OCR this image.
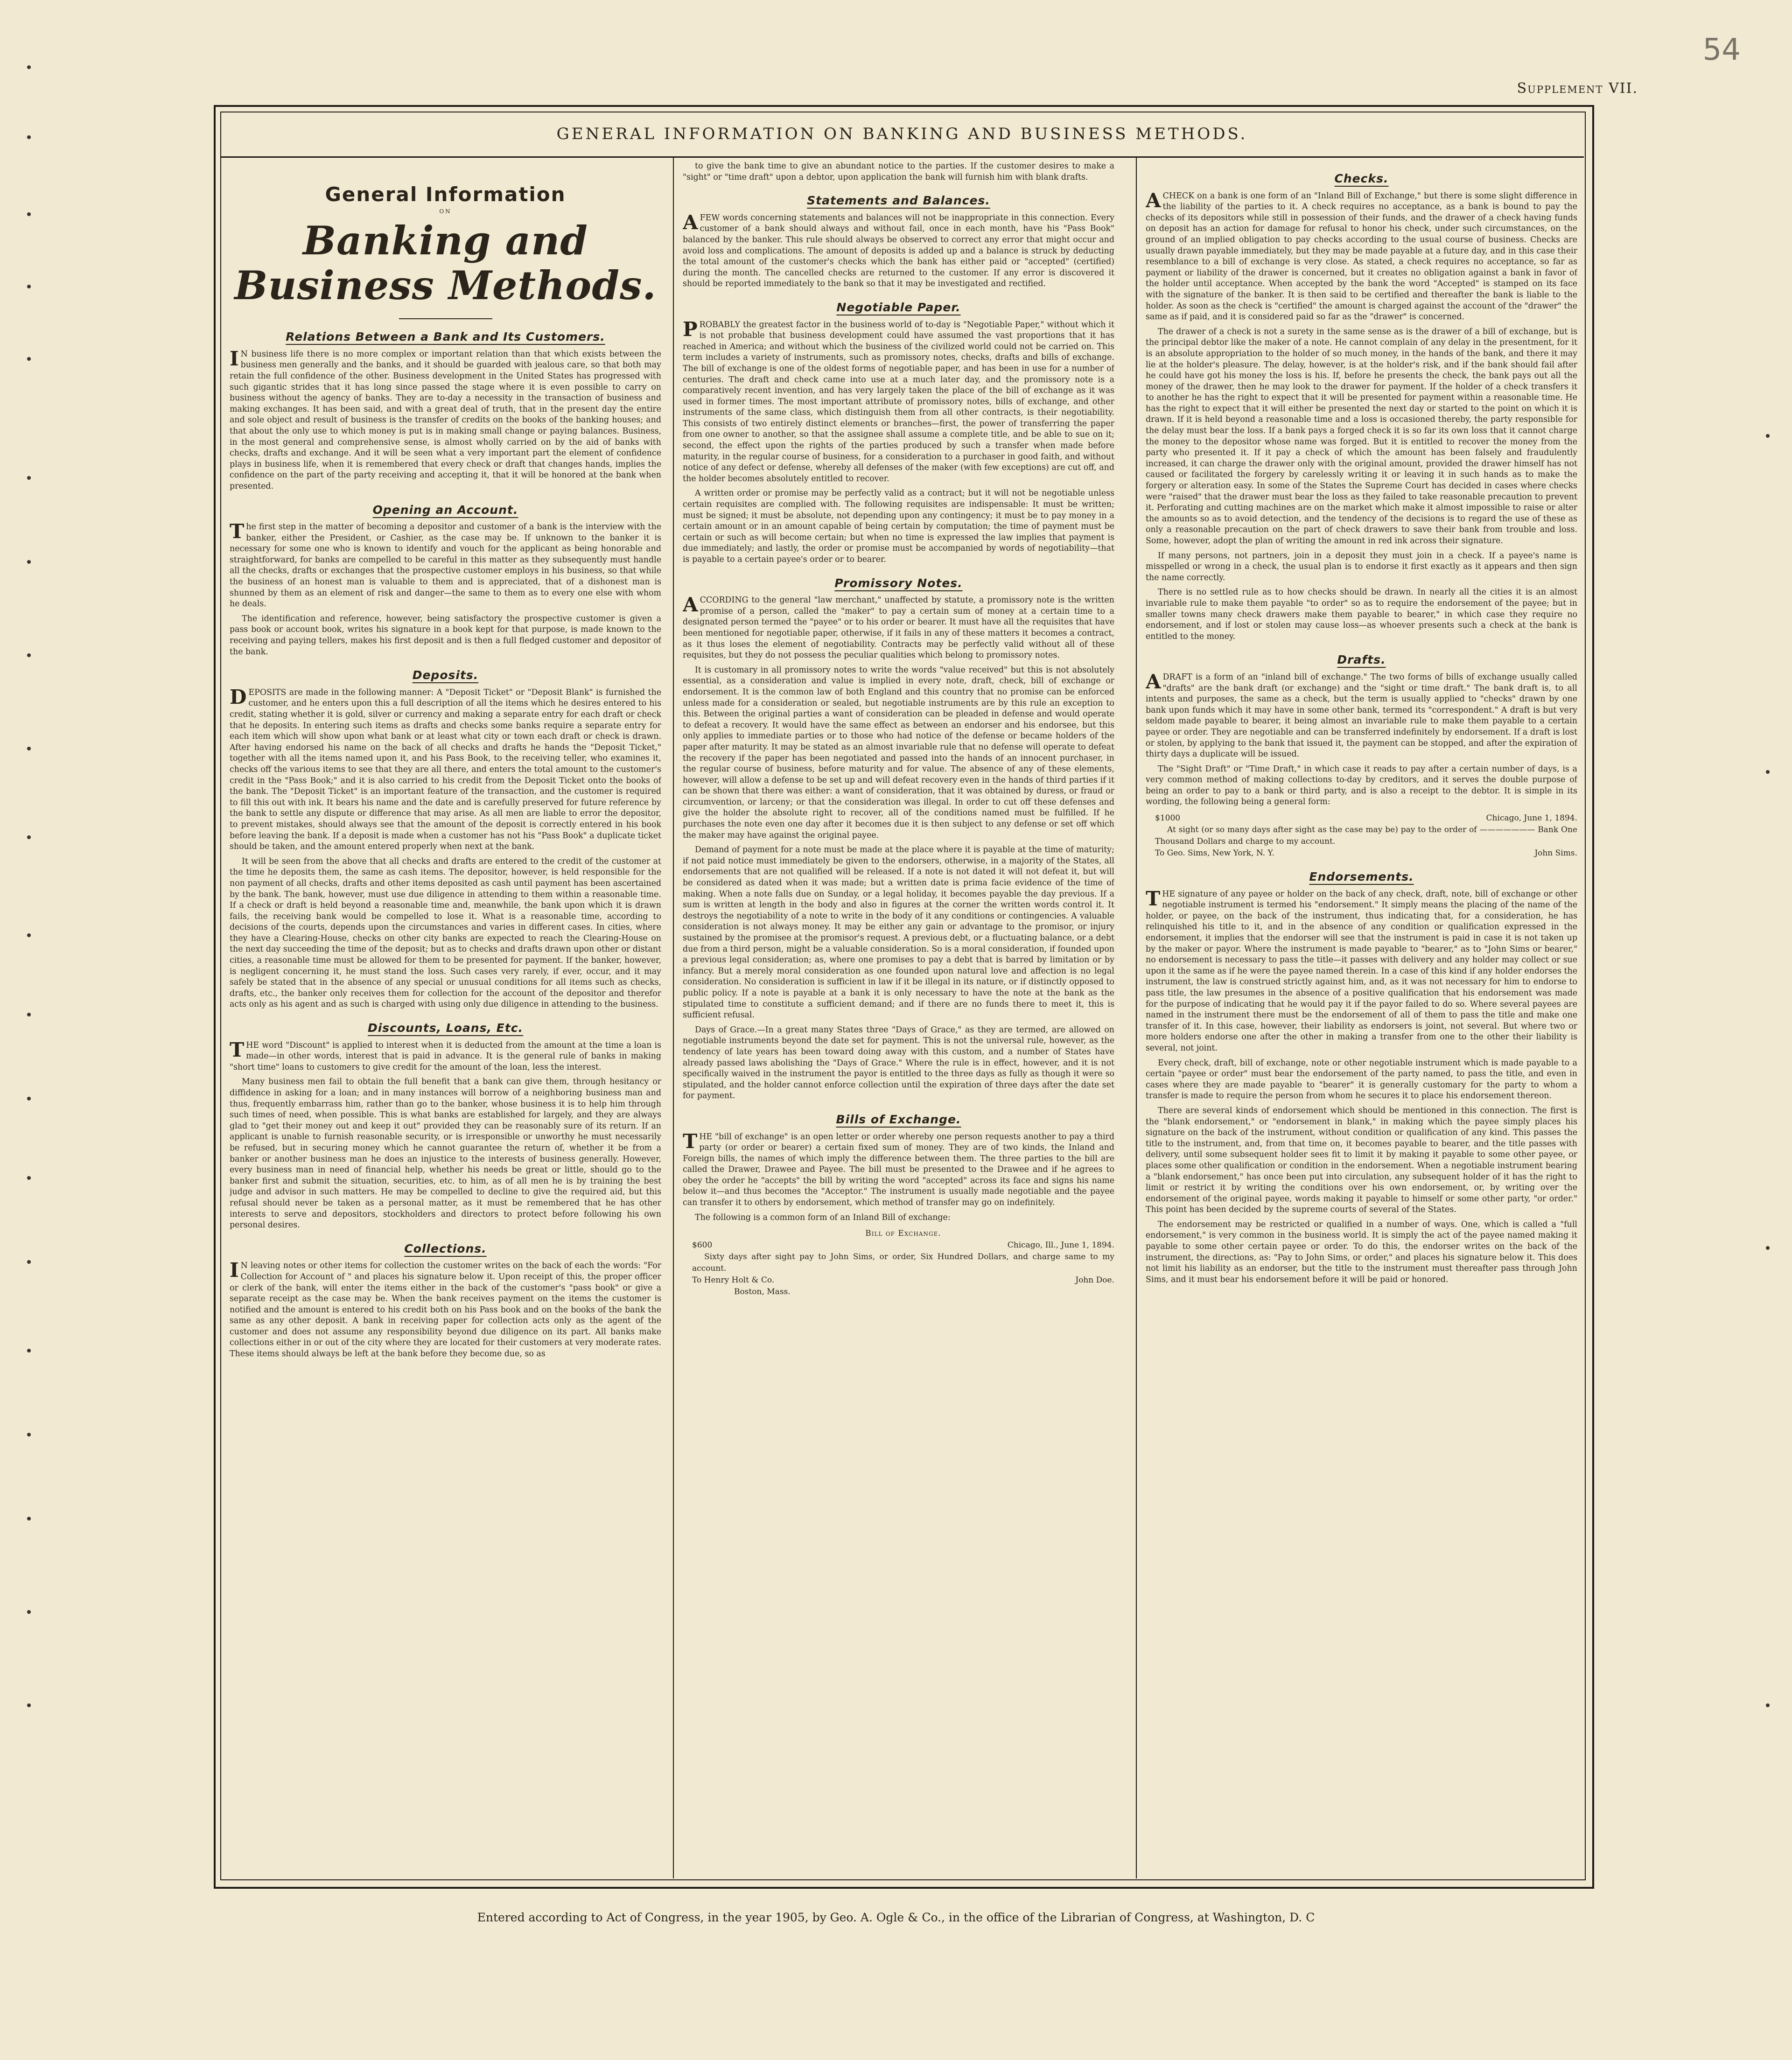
54
Supplement VII.
GENERAL INFORMATION ON BANKING AND BUSINESS METHODS.
General Information
on
Banking and Business Methods.
Relations Between a Bank and Its Customers.

IN business life there is no more complex or important relation than that which exists between the business men generally and the banks, and it should be guarded with jealous care, so that both may retain the full confidence of the other. Business development in the United States has progressed with such gigantic strides that it has long since passed the stage where it is even possible to carry on business without the agency of banks. They are to-day a necessity in the transaction of business and making exchanges. It has been said, and with a great deal of truth, that in the present day the entire and sole object and result of business is the transfer of credits on the books of the banking houses; and that about the only use to which money is put is in making small change or paying balances. Business, in the most general and comprehensive sense, is almost wholly carried on by the aid of banks with checks, drafts and exchange. And it will be seen what a very important part the element of confidence plays in business life, when it is remembered that every check or draft that changes hands, implies the confidence on the part of the party receiving and accepting it, that it will be honored at the bank when presented.

Opening an Account.

The first step in the matter of becoming a depositor and customer of a bank is the interview with the banker, either the President, or Cashier, as the case may be. If unknown to the banker it is necessary for some one who is known to identify and vouch for the applicant as being honorable and straightforward, for banks are compelled to be careful in this matter as they subsequently must handle all the checks, drafts or exchanges that the prospective customer employs in his business, so that while the business of an honest man is valuable to them and is appreciated, that of a dishonest man is shunned by them as an element of risk and danger—the same to them as to every one else with whom he deals.

The identification and reference, however, being satisfactory the prospective customer is given a pass book or account book, writes his signature in a book kept for that purpose, is made known to the receiving and paying tellers, makes his first deposit and is then a full fledged customer and depositor of the bank.

Deposits.

DEPOSITS are made in the following manner: A "Deposit Ticket" or "Deposit Blank" is furnished the customer, and he enters upon this a full description of all the items which he desires entered to his credit, stating whether it is gold, silver or currency and making a separate entry for each draft or check that he deposits. In entering such items as drafts and checks some banks require a separate entry for each item which will show upon what bank or at least what city or town each draft or check is drawn. After having endorsed his name on the back of all checks and drafts he hands the "Deposit Ticket," together with all the items named upon it, and his Pass Book, to the receiving teller, who examines it, checks off the various items to see that they are all there, and enters the total amount to the customer's credit in the "Pass Book;" and it is also carried to his credit from the Deposit Ticket onto the books of the bank. The "Deposit Ticket" is an important feature of the transaction, and the customer is required to fill this out with ink. It bears his name and the date and is carefully preserved for future reference by the bank to settle any dispute or difference that may arise. As all men are liable to error the depositor, to prevent mistakes, should always see that the amount of the deposit is correctly entered in his book before leaving the bank. If a deposit is made when a customer has not his "Pass Book" a duplicate ticket should be taken, and the amount entered properly when next at the bank.

It will be seen from the above that all checks and drafts are entered to the credit of the customer at the time he deposits them, the same as cash items. The depositor, however, is held responsible for the non payment of all checks, drafts and other items deposited as cash until payment has been ascertained by the bank. The bank, however, must use due diligence in attending to them within a reasonable time. If a check or draft is held beyond a reasonable time and, meanwhile, the bank upon which it is drawn fails, the receiving bank would be compelled to lose it. What is a reasonable time, according to decisions of the courts, depends upon the circumstances and varies in different cases. In cities, where they have a Clearing-House, checks on other city banks are expected to reach the Clearing-House on the next day succeeding the time of the deposit; but as to checks and drafts drawn upon other or distant cities, a reasonable time must be allowed for them to be presented for payment. If the banker, however, is negligent concerning it, he must stand the loss. Such cases very rarely, if ever, occur, and it may safely be stated that in the absence of any special or unusual conditions for all items such as checks, drafts, etc., the banker only receives them for collection for the account of the depositor and therefor acts only as his agent and as such is charged with using only due diligence in attending to the business.

Discounts, Loans, Etc.

THE word "Discount" is applied to interest when it is deducted from the amount at the time a loan is made—in other words, interest that is paid in advance. It is the general rule of banks in making "short time" loans to customers to give credit for the amount of the loan, less the interest.

Many business men fail to obtain the full benefit that a bank can give them, through hesitancy or diffidence in asking for a loan; and in many instances will borrow of a neighboring business man and thus, frequently embarrass him, rather than go to the banker, whose business it is to help him through such times of need, when possible. This is what banks are established for largely, and they are always glad to "get their money out and keep it out" provided they can be reasonably sure of its return. If an applicant is unable to furnish reasonable security, or is irresponsible or unworthy he must necessarily be refused, but in securing money which he cannot guarantee the return of, whether it be from a banker or another business man he does an injustice to the interests of business generally. However, every business man in need of financial help, whether his needs be great or little, should go to the banker first and submit the situation, securities, etc. to him, as of all men he is by training the best judge and advisor in such matters. He may be compelled to decline to give the required aid, but this refusal should never be taken as a personal matter, as it must be remembered that he has other interests to serve and depositors, stockholders and directors to protect before following his own personal desires.

Collections.

IN leaving notes or other items for collection the customer writes on the back of each the words: "For Collection for Account of " and places his signature below it. Upon receipt of this, the proper officer or clerk of the bank, will enter the items either in the back of the customer's "pass book" or give a separate receipt as the case may be. When the bank receives payment on the items the customer is notified and the amount is entered to his credit both on his Pass book and on the books of the bank the same as any other deposit. A bank in receiving paper for collection acts only as the agent of the customer and does not assume any responsibility beyond due diligence on its part. All banks make collections either in or out of the city where they are located for their customers at very moderate rates. These items should always be left at the bank before they become due, so as

to give the bank time to give an abundant notice to the parties. If the customer desires to make a "sight" or "time draft" upon a debtor, upon application the bank will furnish him with blank drafts.

Statements and Balances.

AFEW words concerning statements and balances will not be inappropriate in this connection. Every customer of a bank should always and without fail, once in each month, have his "Pass Book" balanced by the banker. This rule should always be observed to correct any error that might occur and avoid loss and complications. The amount of deposits is added up and a balance is struck by deducting the total amount of the customer's checks which the bank has either paid or "accepted" (certified) during the month. The cancelled checks are returned to the customer. If any error is discovered it should be reported immediately to the bank so that it may be investigated and rectified.

Negotiable Paper.

PROBABLY the greatest factor in the business world of to-day is "Negotiable Paper," without which it is not probable that business development could have assumed the vast proportions that it has reached in America; and without which the business of the civilized world could not be carried on. This term includes a variety of instruments, such as promissory notes, checks, drafts and bills of exchange. The bill of exchange is one of the oldest forms of negotiable paper, and has been in use for a number of centuries. The draft and check came into use at a much later day, and the promissory note is a comparatively recent invention, and has very largely taken the place of the bill of exchange as it was used in former times. The most important attribute of promissory notes, bills of exchange, and other instruments of the same class, which distinguish them from all other contracts, is their negotiability. This consists of two entirely distinct elements or branches—first, the power of transferring the paper from one owner to another, so that the assignee shall assume a complete title, and be able to sue on it; second, the effect upon the rights of the parties produced by such a transfer when made before maturity, in the regular course of business, for a consideration to a purchaser in good faith, and without notice of any defect or defense, whereby all defenses of the maker (with few exceptions) are cut off, and the holder becomes absolutely entitled to recover.

A written order or promise may be perfectly valid as a contract; but it will not be negotiable unless certain requisites are complied with. The following requisites are indispensable: It must be written; must be signed; it must be absolute, not depending upon any contingency; it must be to pay money in a certain amount or in an amount capable of being certain by computation; the time of payment must be certain or such as will become certain; but when no time is expressed the law implies that payment is due immediately; and lastly, the order or promise must be accompanied by words of negotiability—that is payable to a certain payee's order or to bearer.

Promissory Notes.

ACCORDING to the general "law merchant," unaffected by statute, a promissory note is the written promise of a person, called the "maker" to pay a certain sum of money at a certain time to a designated person termed the "payee" or to his order or bearer. It must have all the requisites that have been mentioned for negotiable paper, otherwise, if it fails in any of these matters it becomes a contract, as it thus loses the element of negotiability. Contracts may be perfectly valid without all of these requisites, but they do not possess the peculiar qualities which belong to promissory notes.

It is customary in all promissory notes to write the words "value received" but this is not absolutely essential, as a consideration and value is implied in every note, draft, check, bill of exchange or endorsement. It is the common law of both England and this country that no promise can be enforced unless made for a consideration or sealed, but negotiable instruments are by this rule an exception to this. Between the original parties a want of consideration can be pleaded in defense and would operate to defeat a recovery. It would have the same effect as between an endorser and his endorsee, but this only applies to immediate parties or to those who had notice of the defense or became holders of the paper after maturity. It may be stated as an almost invariable rule that no defense will operate to defeat the recovery if the paper has been negotiated and passed into the hands of an innocent purchaser, in the regular course of business, before maturity and for value. The absence of any of these elements, however, will allow a defense to be set up and will defeat recovery even in the hands of third parties if it can be shown that there was either: a want of consideration, that it was obtained by duress, or fraud or circumvention, or larceny; or that the consideration was illegal. In order to cut off these defenses and give the holder the absolute right to recover, all of the conditions named must be fulfilled. If he purchases the note even one day after it becomes due it is then subject to any defense or set off which the maker may have against the original payee.

Demand of payment for a note must be made at the place where it is payable at the time of maturity; if not paid notice must immediately be given to the endorsers, otherwise, in a majority of the States, all endorsements that are not qualified will be released. If a note is not dated it will not defeat it, but will be considered as dated when it was made; but a written date is prima facie evidence of the time of making. When a note falls due on Sunday, or a legal holiday, it becomes payable the day previous. If a sum is written at length in the body and also in figures at the corner the written words control it. It destroys the negotiability of a note to write in the body of it any conditions or contingencies. A valuable consideration is not always money. It may be either any gain or advantage to the promisor, or injury sustained by the promisee at the promisor's request. A previous debt, or a fluctuating balance, or a debt due from a third person, might be a valuable consideration. So is a moral consideration, if founded upon a previous legal consideration; as, where one promises to pay a debt that is barred by limitation or by infancy. But a merely moral consideration as one founded upon natural love and affection is no legal consideration. No consideration is sufficient in law if it be illegal in its nature, or if distinctly opposed to public policy. If a note is payable at a bank it is only necessary to have the note at the bank as the stipulated time to constitute a sufficient demand; and if there are no funds there to meet it, this is sufficient refusal.

Days of Grace.—In a great many States three "Days of Grace," as they are termed, are allowed on negotiable instruments beyond the date set for payment. This is not the universal rule, however, as the tendency of late years has been toward doing away with this custom, and a number of States have already passed laws abolishing the "Days of Grace." Where the rule is in effect, however, and it is not specifically waived in the instrument the payor is entitled to the three days as fully as though it were so stipulated, and the holder cannot enforce collection until the expiration of three days after the date set for payment.

Bills of Exchange.

THE "bill of exchange" is an open letter or order whereby one person requests another to pay a third party (or order or bearer) a certain fixed sum of money. They are of two kinds, the Inland and Foreign bills, the names of which imply the difference between them. The three parties to the bill are called the Drawer, Drawee and Payee. The bill must be presented to the Drawee and if he agrees to obey the order he "accepts" the bill by writing the word "accepted" across its face and signs his name below it—and thus becomes the "Acceptor." The instrument is usually made negotiable and the payee can transfer it to others by endorsement, which method of transfer may go on indefinitely.

The following is a common form of an Inland Bill of exchange:

Bill of Exchange.
$600	Chicago, Ill., June 1, 1894.
Sixty days after sight pay to John Sims, or order, Six Hundred Dollars, and charge same to my account.
To Henry Holt & Co.	John Doe.
Boston, Mass.
Checks.

ACHECK on a bank is one form of an "Inland Bill of Exchange," but there is some slight difference in the liability of the parties to it. A check requires no acceptance, as a bank is bound to pay the checks of its depositors while still in possession of their funds, and the drawer of a check having funds on deposit has an action for damage for refusal to honor his check, under such circumstances, on the ground of an implied obligation to pay checks according to the usual course of business. Checks are usually drawn payable immediately, but they may be made payable at a future day, and in this case their resemblance to a bill of exchange is very close. As stated, a check requires no acceptance, so far as payment or liability of the drawer is concerned, but it creates no obligation against a bank in favor of the holder until acceptance. When accepted by the bank the word "Accepted" is stamped on its face with the signature of the banker. It is then said to be certified and thereafter the bank is liable to the holder. As soon as the check is "certified" the amount is charged against the account of the "drawer" the same as if paid, and it is considered paid so far as the "drawer" is concerned.

The drawer of a check is not a surety in the same sense as is the drawer of a bill of exchange, but is the principal debtor like the maker of a note. He cannot complain of any delay in the presentment, for it is an absolute appropriation to the holder of so much money, in the hands of the bank, and there it may lie at the holder's pleasure. The delay, however, is at the holder's risk, and if the bank should fail after he could have got his money the loss is his. If, before he presents the check, the bank pays out all the money of the drawer, then he may look to the drawer for payment. If the holder of a check transfers it to another he has the right to expect that it will be presented for payment within a reasonable time. He has the right to expect that it will either be presented the next day or started to the point on which it is drawn. If it is held beyond a reasonable time and a loss is occasioned thereby, the party responsible for the delay must bear the loss. If a bank pays a forged check it is so far its own loss that it cannot charge the money to the depositor whose name was forged. But it is entitled to recover the money from the party who presented it. If it pay a check of which the amount has been falsely and fraudulently increased, it can charge the drawer only with the original amount, provided the drawer himself has not caused or facilitated the forgery by carelessly writing it or leaving it in such hands as to make the forgery or alteration easy. In some of the States the Supreme Court has decided in cases where checks were "raised" that the drawer must bear the loss as they failed to take reasonable precaution to prevent it. Perforating and cutting machines are on the market which make it almost impossible to raise or alter the amounts so as to avoid detection, and the tendency of the decisions is to regard the use of these as only a reasonable precaution on the part of check drawers to save their bank from trouble and loss. Some, however, adopt the plan of writing the amount in red ink across their signature.

If many persons, not partners, join in a deposit they must join in a check. If a payee's name is misspelled or wrong in a check, the usual plan is to endorse it first exactly as it appears and then sign the name correctly.

There is no settled rule as to how checks should be drawn. In nearly all the cities it is an almost invariable rule to make them payable "to order" so as to require the endorsement of the payee; but in smaller towns many check drawers make them payable to bearer," in which case they require no endorsement, and if lost or stolen may cause loss—as whoever presents such a check at the bank is entitled to the money.

Drafts.

ADRAFT is a form of an "inland bill of exchange." The two forms of bills of exchange usually called "drafts" are the bank draft (or exchange) and the "sight or time draft." The bank draft is, to all intents and purposes, the same as a check, but the term is usually applied to "checks" drawn by one bank upon funds which it may have in some other bank, termed its "correspondent." A draft is but very seldom made payable to bearer, it being almost an invariable rule to make them payable to a certain payee or order. They are negotiable and can be transferred indefinitely by endorsement. If a draft is lost or stolen, by applying to the bank that issued it, the payment can be stopped, and after the expiration of thirty days a duplicate will be issued.

The "Sight Draft" or "Time Draft," in which case it reads to pay after a certain number of days, is a very common method of making collections to-day by creditors, and it serves the double purpose of being an order to pay to a bank or third party, and is also a receipt to the debtor. It is simple in its wording, the following being a general form:

$1000	Chicago, June 1, 1894.
At sight (or so many days after sight as the case may be) pay to the order of ——————— Bank One Thousand Dollars and charge to my account.
To Geo. Sims, New York, N. Y.	John Sims.
Endorsements.

THE signature of any payee or holder on the back of any check, draft, note, bill of exchange or other negotiable instrument is termed his "endorsement." It simply means the placing of the name of the holder, or payee, on the back of the instrument, thus indicating that, for a consideration, he has relinquished his title to it, and in the absence of any condition or qualification expressed in the endorsement, it implies that the endorser will see that the instrument is paid in case it is not taken up by the maker or payor. Where the instrument is made payable to "bearer," as to "John Sims or bearer," no endorsement is necessary to pass the title—it passes with delivery and any holder may collect or sue upon it the same as if he were the payee named therein. In a case of this kind if any holder endorses the instrument, the law is construed strictly against him, and, as it was not necessary for him to endorse to pass title, the law presumes in the absence of a positive qualification that his endorsement was made for the purpose of indicating that he would pay it if the payor failed to do so. Where several payees are named in the instrument there must be the endorsement of all of them to pass the title and make one transfer of it. In this case, however, their liability as endorsers is joint, not several. But where two or more holders endorse one after the other in making a transfer from one to the other their liability is several, not joint.

Every check, draft, bill of exchange, note or other negotiable instrument which is made payable to a certain "payee or order" must bear the endorsement of the party named, to pass the title, and even in cases where they are made payable to "bearer" it is generally customary for the party to whom a transfer is made to require the person from whom he secures it to place his endorsement thereon.

There are several kinds of endorsement which should be mentioned in this connection. The first is the "blank endorsement," or "endorsement in blank," in making which the payee simply places his signature on the back of the instrument, without condition or qualification of any kind. This passes the title to the instrument, and, from that time on, it becomes payable to bearer, and the title passes with delivery, until some subsequent holder sees fit to limit it by making it payable to some other payee, or places some other qualification or condition in the endorsement. When a negotiable instrument bearing a "blank endorsement," has once been put into circulation, any subsequent holder of it has the right to limit or restrict it by writing the conditions over his own endorsement, or, by writing over the endorsement of the original payee, words making it payable to himself or some other party, "or order." This point has been decided by the supreme courts of several of the States.

The endorsement may be restricted or qualified in a number of ways. One, which is called a "full endorsement," is very common in the business world. It is simply the act of the payee named making it payable to some other certain payee or order. To do this, the endorser writes on the back of the instrument, the directions, as: "Pay to John Sims, or order," and places his signature below it. This does not limit his liability as an endorser, but the title to the instrument must thereafter pass through John Sims, and it must bear his endorsement before it will be paid or honored.

Entered according to Act of Congress, in the year 1905, by Geo. A. Ogle & Co., in the office of the Librarian of Congress, at Washington, D. C
